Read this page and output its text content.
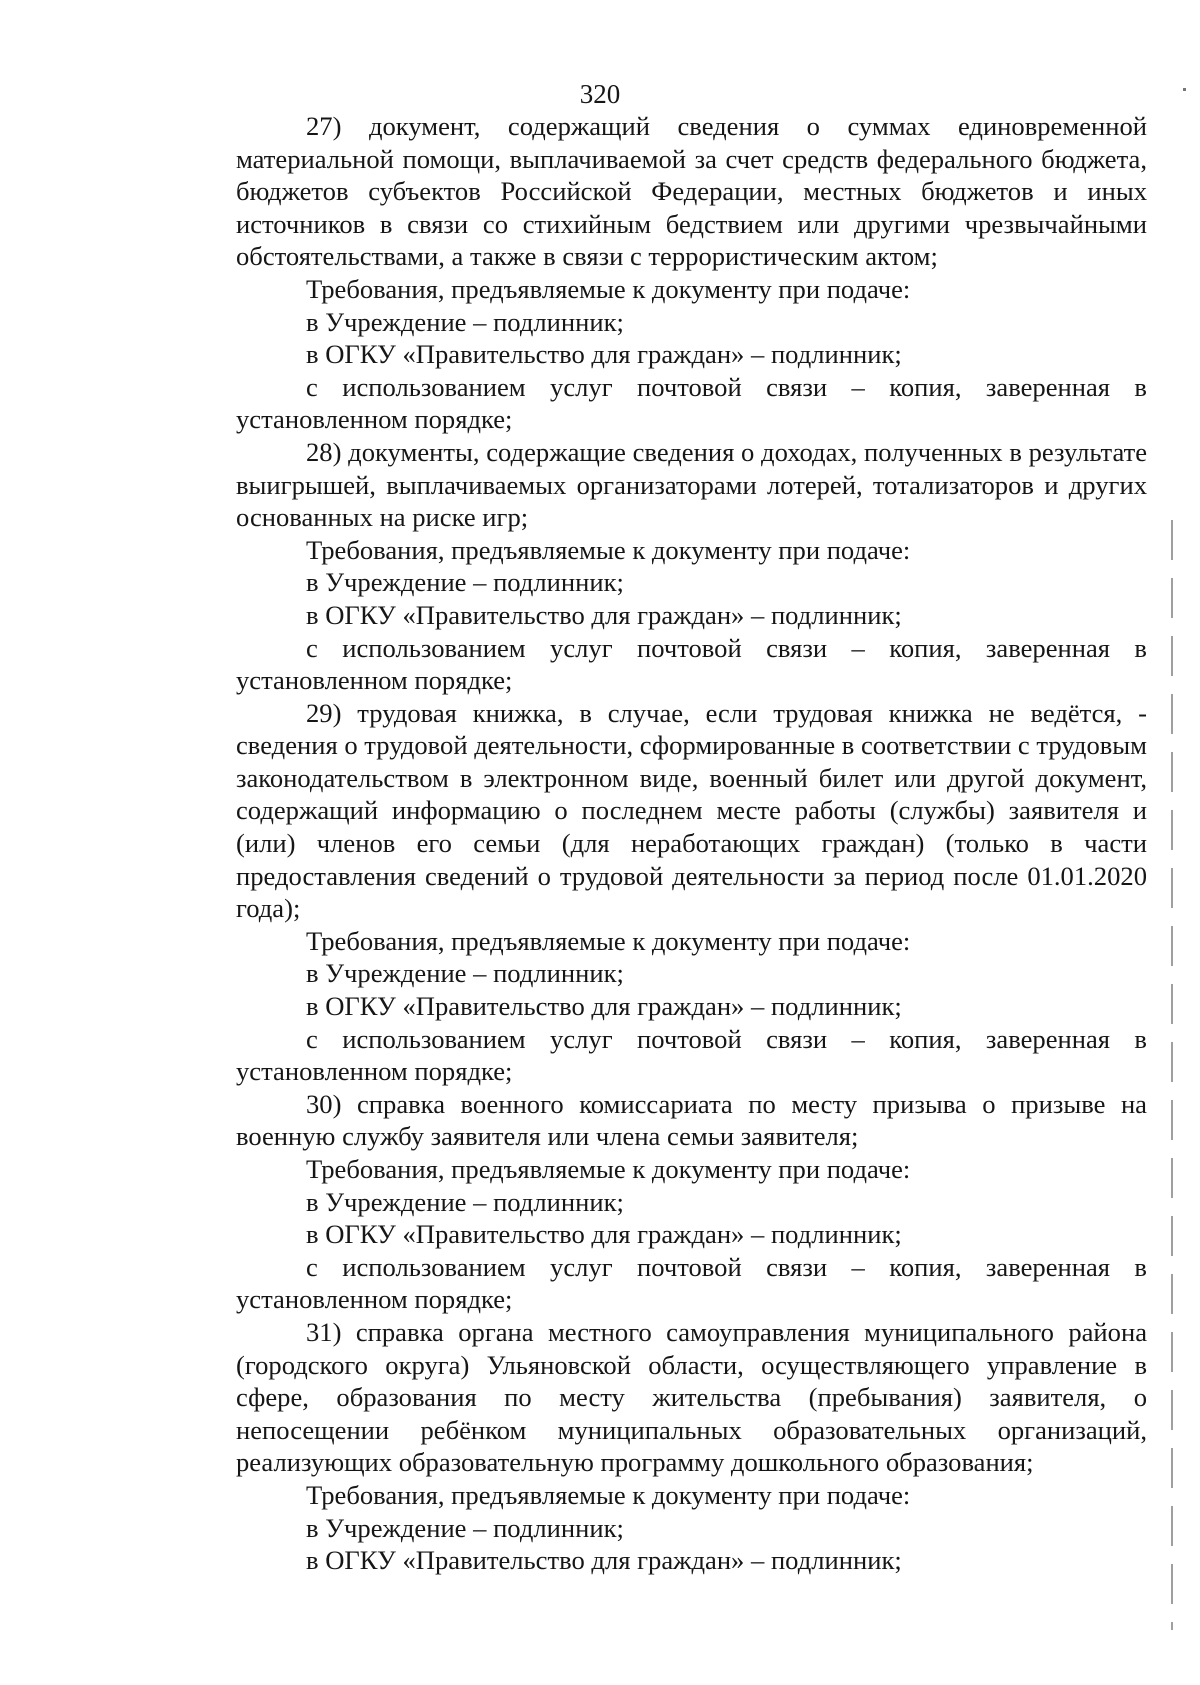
320

27) документ, содержащий сведения о суммах единовременной материальной помощи, выплачиваемой за счет средств федерального бюджета, бюджетов субъектов Российской Федерации, местных бюджетов и иных источников в связи со стихийным бедствием или другими чрезвычайными обстоятельствами, а также в связи с террористическим актом;

Требования, предъявляемые к документу при подаче:

в Учреждение – подлинник;

в ОГКУ «Правительство для граждан» – подлинник;

с использованием услуг почтовой связи – копия, заверенная в установленном порядке;

28) документы, содержащие сведения о доходах, полученных в результате выигрышей, выплачиваемых организаторами лотерей, тотализаторов и других основанных на риске игр;

Требования, предъявляемые к документу при подаче:

в Учреждение – подлинник;

в ОГКУ «Правительство для граждан» – подлинник;

с использованием услуг почтовой связи – копия, заверенная в установленном порядке;

29) трудовая книжка, в случае, если трудовая книжка не ведётся, - сведения о трудовой деятельности, сформированные в соответствии с трудовым законодательством в электронном виде, военный билет или другой документ, содержащий информацию о последнем месте работы (службы) заявителя и (или) членов его семьи (для неработающих граждан) (только в части предоставления сведений о трудовой деятельности за период после 01.01.2020 года);

Требования, предъявляемые к документу при подаче:

в Учреждение – подлинник;

в ОГКУ «Правительство для граждан» – подлинник;

с использованием услуг почтовой связи – копия, заверенная в установленном порядке;

30) справка военного комиссариата по месту призыва о призыве на военную службу заявителя или члена семьи заявителя;

Требования, предъявляемые к документу при подаче:

в Учреждение – подлинник;

в ОГКУ «Правительство для граждан» – подлинник;

с использованием услуг почтовой связи – копия, заверенная в установленном порядке;

31) справка органа местного самоуправления муниципального района (городского округа) Ульяновской области, осуществляющего управление в сфере, образования по месту жительства (пребывания) заявителя, о непосещении ребёнком муниципальных образовательных организаций, реализующих образовательную программу дошкольного образования;

Требования, предъявляемые к документу при подаче:

в Учреждение – подлинник;

в ОГКУ «Правительство для граждан» – подлинник;
